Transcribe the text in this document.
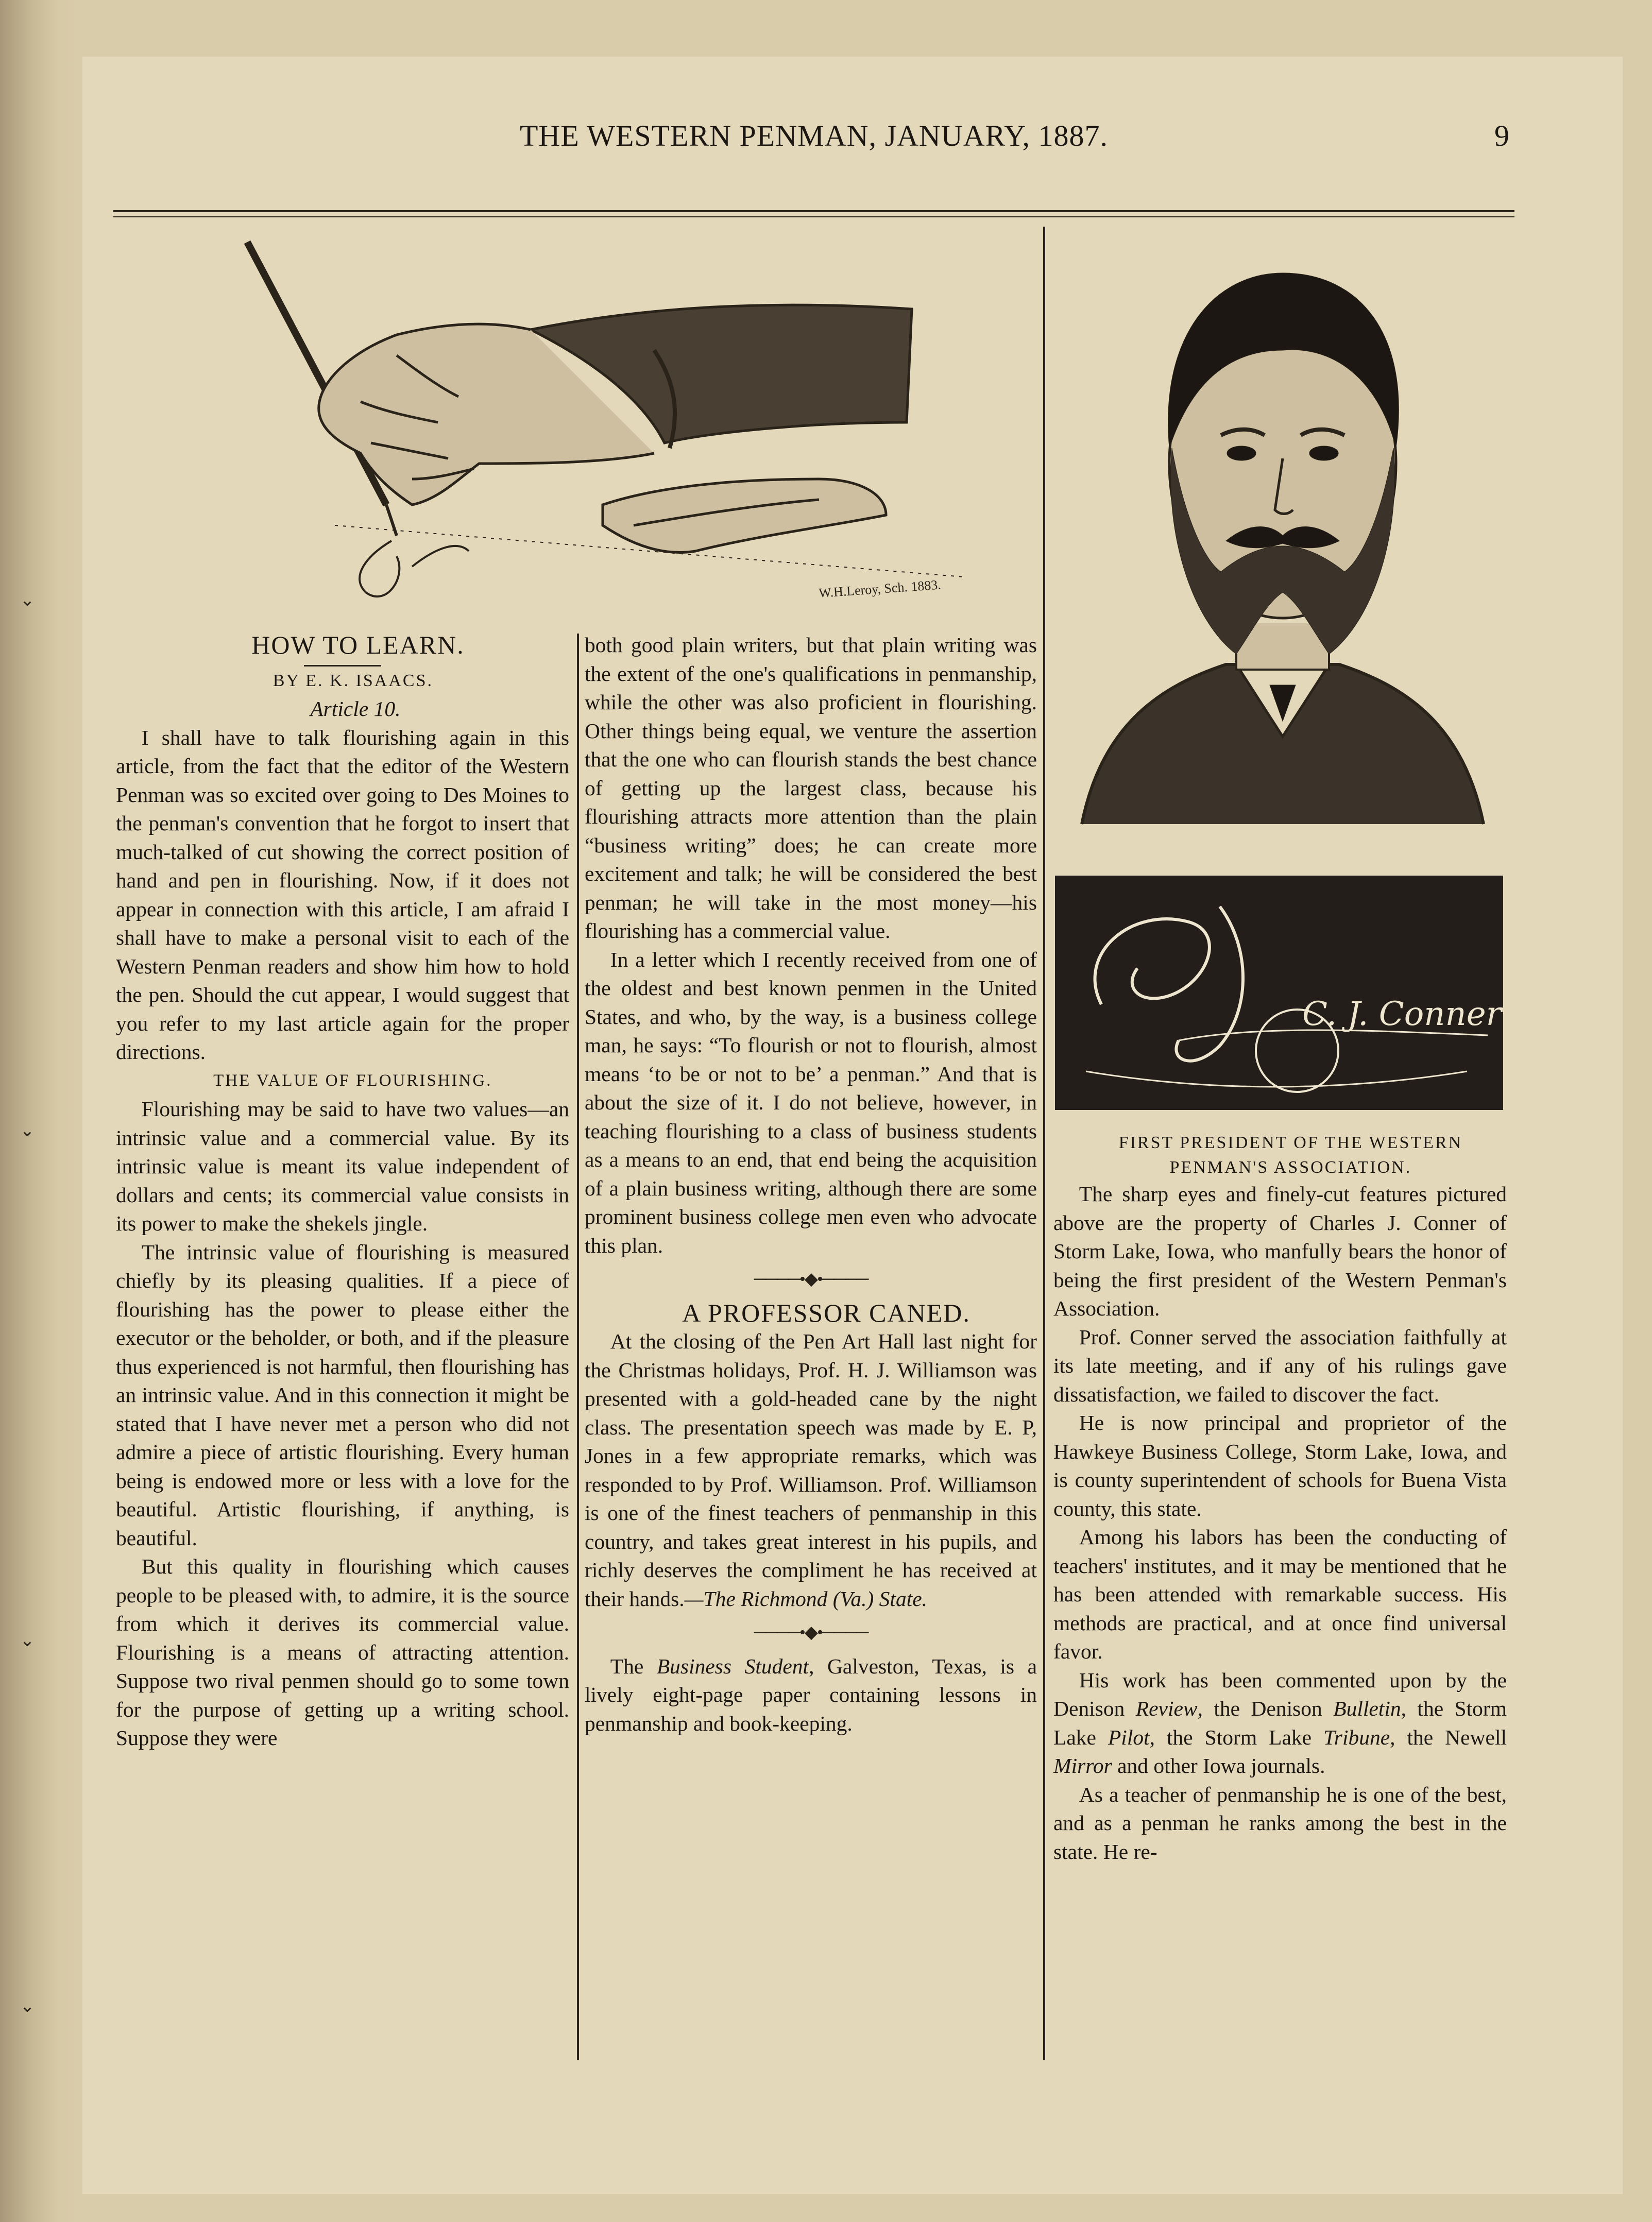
⌄
⌄
⌄
⌄
THE WESTERN PENMAN, JANUARY, 1887.	9
W.H.Leroy, Sch. 1883.
C. J. Conner

HOW TO LEARN.

BY E. K. ISAACS.

Article 10.

I shall have to talk flourishing again in this article, from the fact that the editor of the Western Penman was so excited over going to Des Moines to the penman's convention that he forgot to insert that much-talked of cut showing the correct position of hand and pen in flourishing. Now, if it does not appear in connection with this article, I am afraid I shall have to make a personal visit to each of the Western Penman readers and show him how to hold the pen. Should the cut appear, I would suggest that you refer to my last article again for the proper directions.

THE VALUE OF FLOURISHING.

Flourishing may be said to have two values—an intrinsic value and a commercial value. By its intrinsic value is meant its value independent of dollars and cents; its commercial value consists in its power to make the shekels jingle.

The intrinsic value of flourishing is measured chiefly by its pleasing qualities. If a piece of flourishing has the power to please either the executor or the beholder, or both, and if the pleasure thus experienced is not harmful, then flourishing has an intrinsic value. And in this connection it might be stated that I have never met a person who did not admire a piece of artistic flourishing. Every human being is endowed more or less with a love for the beautiful. Artistic flourishing, if anything, is beautiful.

But this quality in flourishing which causes people to be pleased with, to admire, it is the source from which it derives its commercial value. Flourishing is a means of attracting attention. Suppose two rival penmen should go to some town for the purpose of getting up a writing school. Suppose they were

both good plain writers, but that plain writing was the extent of the one's qualifications in penmanship, while the other was also proficient in flourishing. Other things being equal, we venture the assertion that the one who can flourish stands the best chance of getting up the largest class, because his flourishing attracts more attention than the plain “business writing” does; he can create more excitement and talk; he will be considered the best penman; he will take in the most money—his flourishing has a commercial value.

In a letter which I recently received from one of the oldest and best known penmen in the United States, and who, by the way, is a business college man, he says: “To flourish or not to flourish, almost means ‘to be or not to be’ a penman.” And that is about the size of it. I do not believe, however, in teaching flourishing to a class of business students as a means to an end, that end being the acquisition of a plain business writing, although there are some prominent business college men even who advocate this plan.

────•◆•────

A PROFESSOR CANED.

At the closing of the Pen Art Hall last night for the Christmas holidays, Prof. H. J. Williamson was presented with a gold-headed cane by the night class. The presentation speech was made by E. P, Jones in a few appropriate remarks, which was responded to by Prof. Williamson. Prof. Williamson is one of the finest teachers of penmanship in this country, and takes great interest in his pupils, and richly deserves the compliment he has received at their hands.—The Richmond (Va.) State.

────•◆•────

The Business Student, Galveston, Texas, is a lively eight-page paper containing lessons in penmanship and book-keeping.

FIRST PRESIDENT OF THE WESTERN

PENMAN'S ASSOCIATION.

The sharp eyes and finely-cut features pictured above are the property of Charles J. Conner of Storm Lake, Iowa, who manfully bears the honor of being the first president of the Western Penman's Association.

Prof. Conner served the association faithfully at its late meeting, and if any of his rulings gave dissatisfaction, we failed to discover the fact.

He is now principal and proprietor of the Hawkeye Business College, Storm Lake, Iowa, and is county superintendent of schools for Buena Vista county, this state.

Among his labors has been the conducting of teachers' institutes, and it may be mentioned that he has been attended with remarkable success. His methods are practical, and at once find universal favor.

His work has been commented upon by the Denison Review, the Denison Bulletin, the Storm Lake Pilot, the Storm Lake Tribune, the Newell Mirror and other Iowa journals.

As a teacher of penmanship he is one of the best, and as a penman he ranks among the best in the state. He re-
